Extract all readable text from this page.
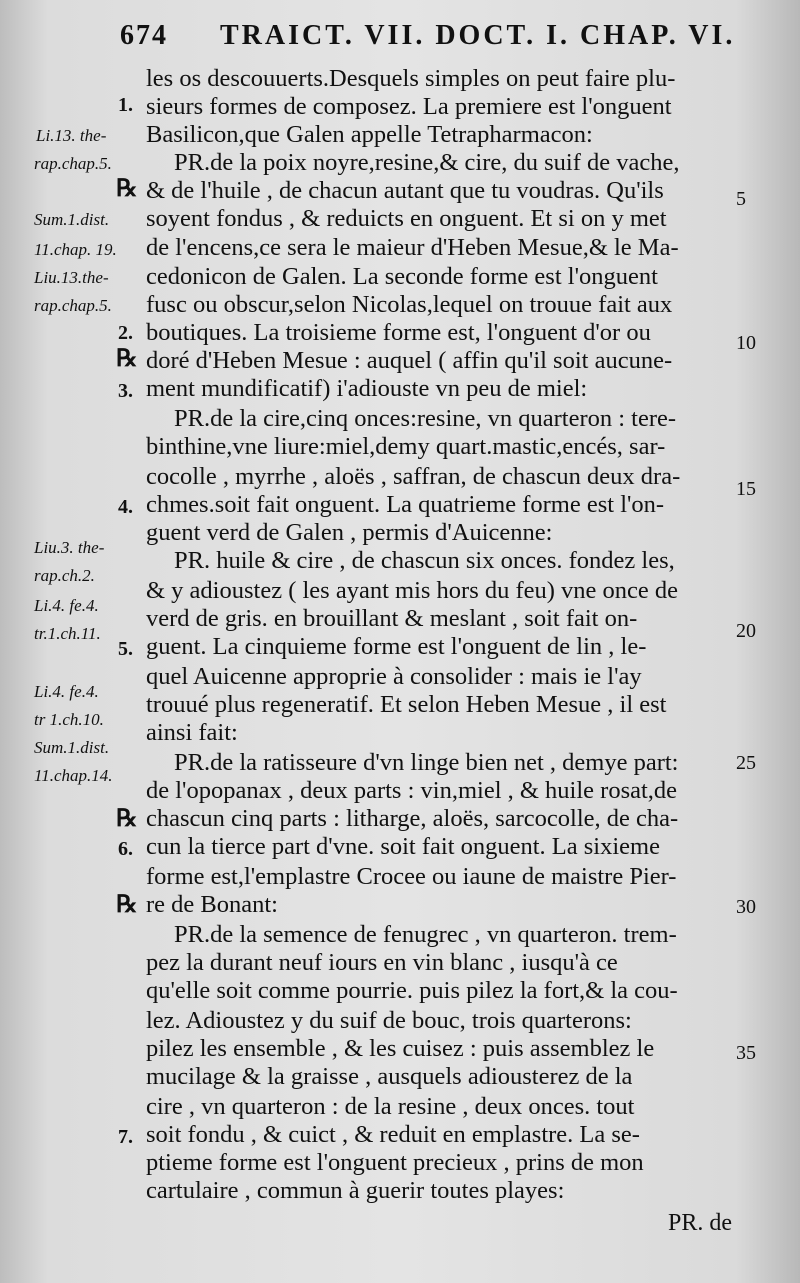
674 TRAICT. VII. DOCT. I. CHAP. VI.
les os descouuerts.Desquels simples on peut faire plu-
sieurs formes de composez. La premiere est l'onguent
Basilicon,que Galen appelle Tetrapharmacon:
PR.de la poix noyre,resine,& cire, du suif de vache,
& de l'huile , de chacun autant que tu voudras. Qu'ils
soyent fondus , & reduicts en onguent. Et si on y met
de l'encens,ce sera le maieur d'Heben Mesue,& le Ma-
cedonicon de Galen. La seconde forme est l'onguent
fusc ou obscur,selon Nicolas,lequel on trouue fait aux
boutiques. La troisieme forme est, l'onguent d'or ou
doré d'Heben Mesue : auquel ( affin qu'il soit aucune-
ment mundificatif) i'adiouste vn peu de miel:
PR.de la cire,cinq onces:resine, vn quarteron : tere-
binthine,vne liure:miel,demy quart.mastic,encés, sar-
cocolle , myrrhe , aloës , saffran, de chascun deux dra-
chmes.soit fait onguent. La quatrieme forme est l'on-
guent verd de Galen , permis d'Auicenne:
PR. huile & cire , de chascun six onces. fondez les,
& y adioustez ( les ayant mis hors du feu) vne once de
verd de gris. en brouillant & meslant , soit fait on-
guent. La cinquieme forme est l'onguent de lin , le-
quel Auicenne approprie à consolider : mais ie l'ay
trouué plus regeneratif. Et selon Heben Mesue , il est
ainsi fait:
PR.de la ratisseure d'vn linge bien net , demye part:
de l'opopanax , deux parts : vin,miel , & huile rosat,de
chascun cinq parts : litharge, aloës, sarcocolle, de cha-
cun la tierce part d'vne. soit fait onguent. La sixieme
forme est,l'emplastre Crocee ou iaune de maistre Pier-
re de Bonant:
PR.de la semence de fenugrec , vn quarteron. trem-
pez la durant neuf iours en vin blanc , iusqu'à ce
qu'elle soit comme pourrie. puis pilez la fort,& la cou-
lez. Adioustez y du suif de bouc, trois quarterons:
pilez les ensemble , & les cuisez : puis assemblez le
mucilage & la graisse , ausquels adiousterez de la
cire , vn quarteron : de la resine , deux onces. tout
soit fondu , & cuict , & reduit en emplastre. La se-
ptieme forme est l'onguent precieux , prins de mon
cartulaire , commun à guerir toutes playes:
Li.13. the-
rap.chap.5.
Sum.1.dist.
11.chap. 19.
Liu.13.the-
rap.chap.5.
Liu.3. the-
rap.ch.2.
Li.4. fe.4.
tr.1.ch.11.
Li.4. fe.4.
tr 1.ch.10.
Sum.1.dist.
11.chap.14.
1.
2.
3.
4.
5.
6.
7.
℞
℞
℞
℞
5
10
15
20
25
30
35
PR. de
